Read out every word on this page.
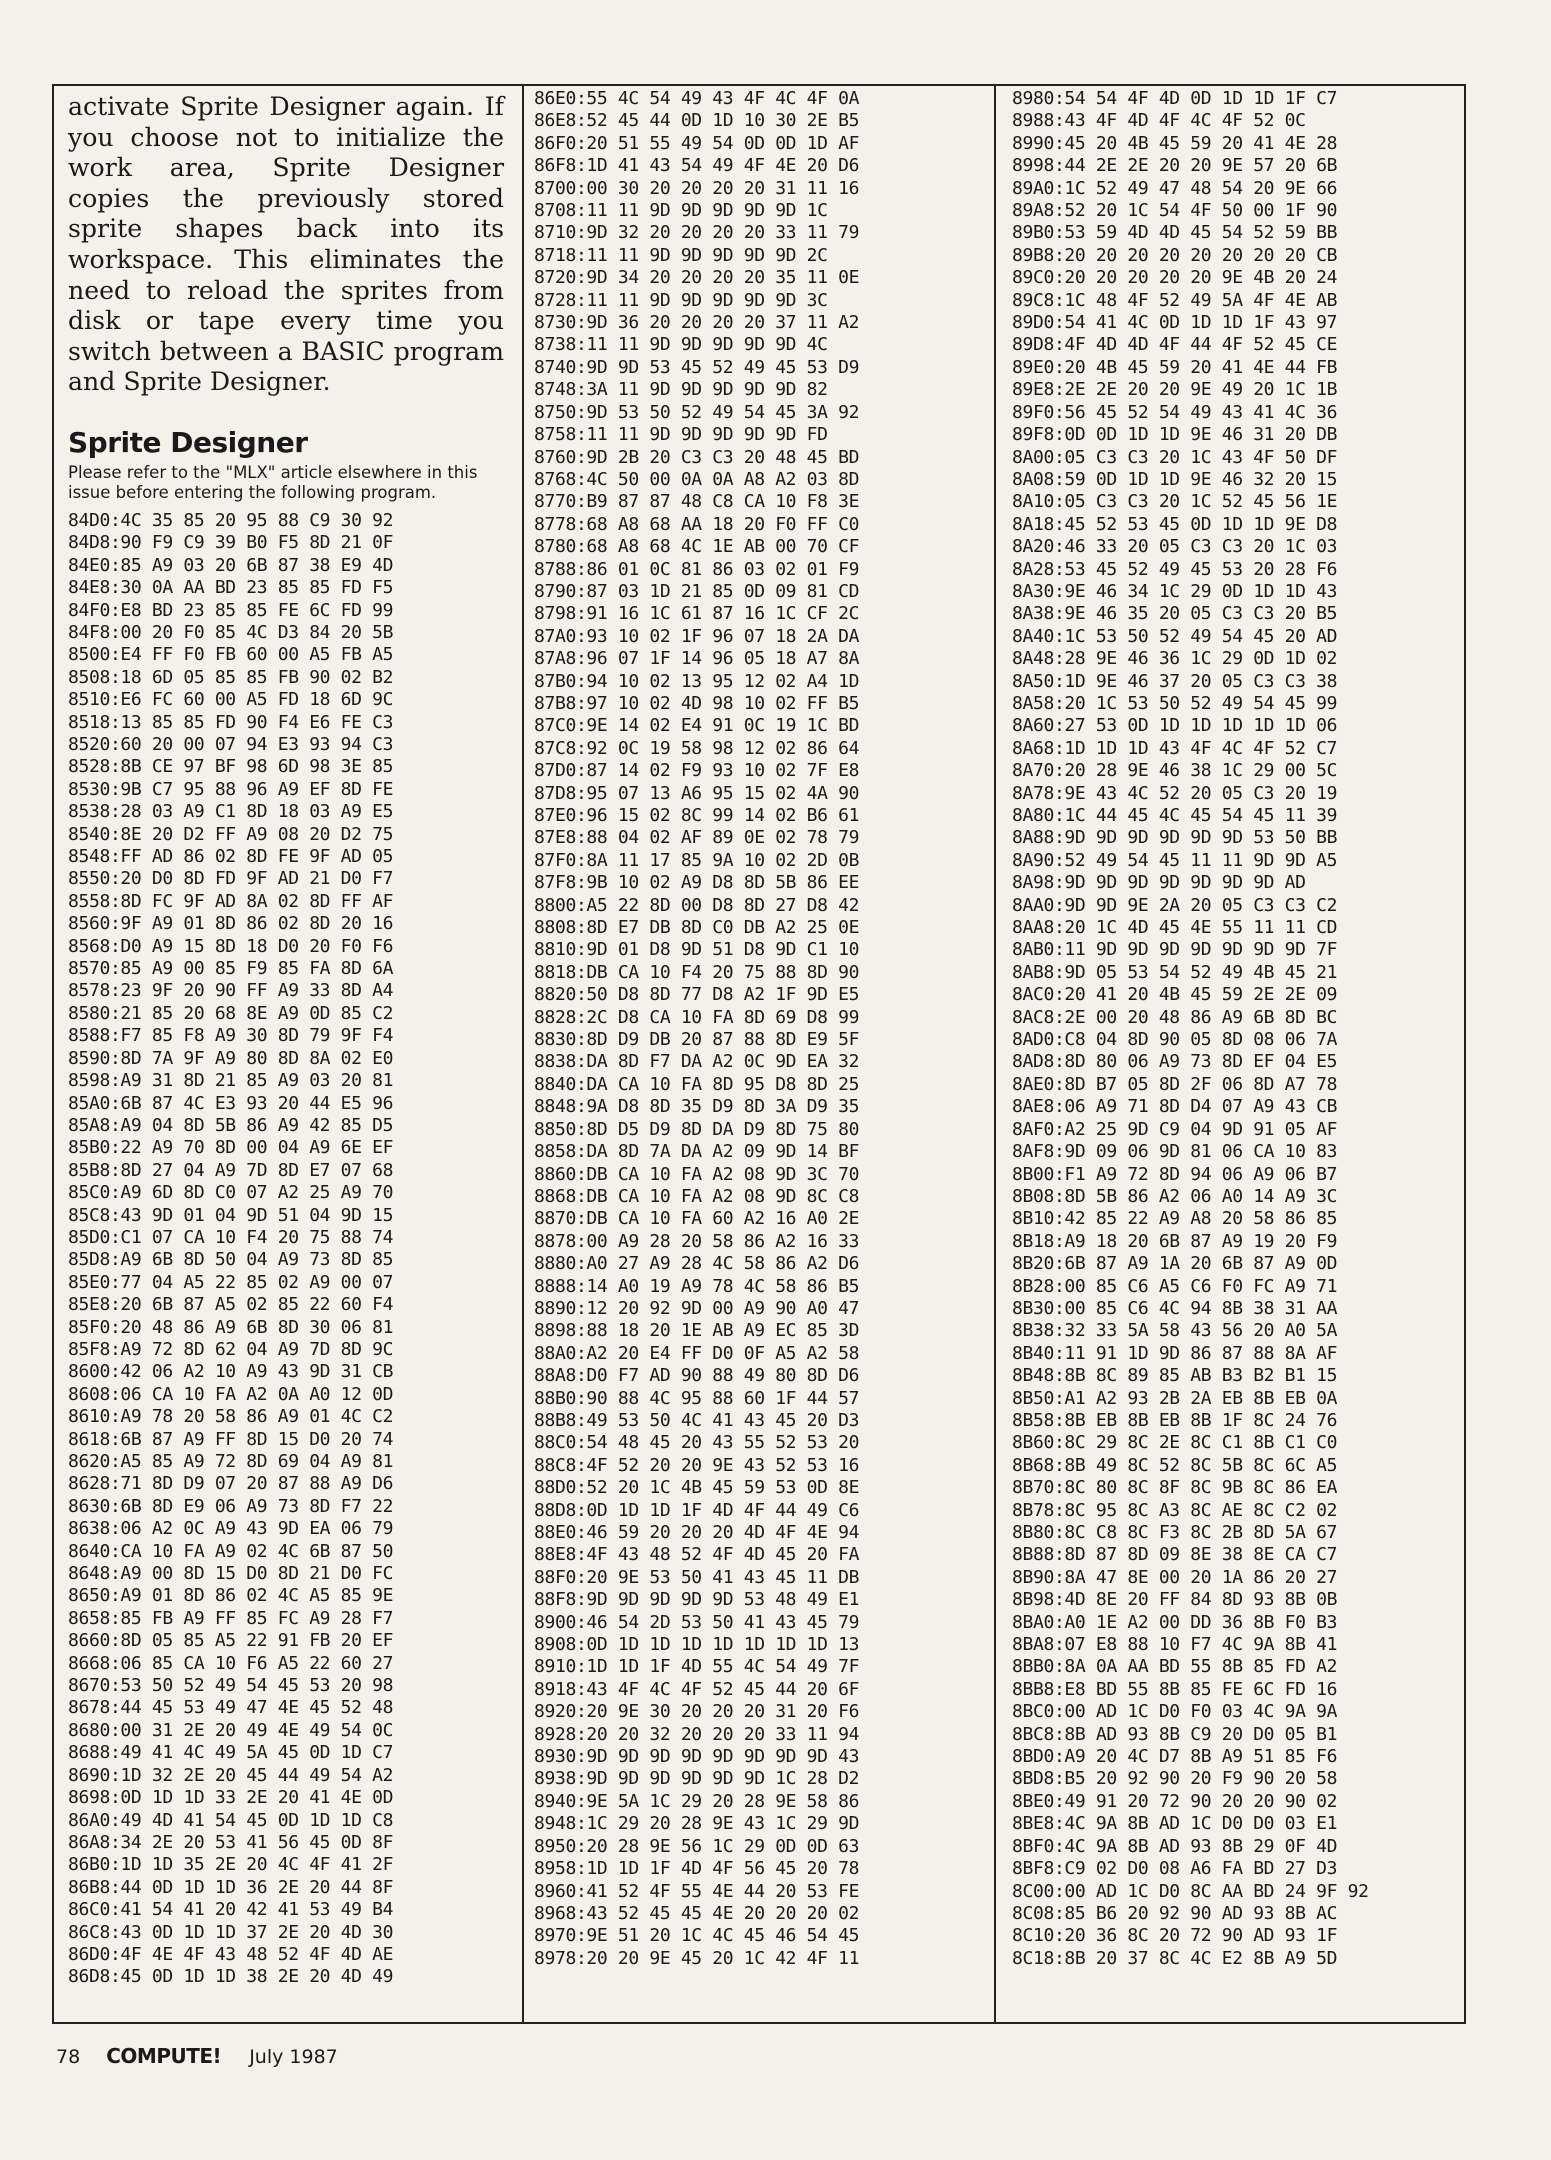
activate Sprite Designer again. If you choose not to initialize the work area, Sprite Designer copies the previously stored sprite shapes back into its workspace. This eliminates the need to reload the sprites from disk or tape every time you switch between a BASIC program and Sprite Designer.

Sprite Designer

Please refer to the "MLX" article elsewhere in this issue before entering the following program.

84D0:4C 35 85 20 95 88 C9 30 92
84D8:90 F9 C9 39 B0 F5 8D 21 0F
84E0:85 A9 03 20 6B 87 38 E9 4D
84E8:30 0A AA BD 23 85 85 FD F5
84F0:E8 BD 23 85 85 FE 6C FD 99
84F8:00 20 F0 85 4C D3 84 20 5B
8500:E4 FF F0 FB 60 00 A5 FB A5
8508:18 6D 05 85 85 FB 90 02 B2
8510:E6 FC 60 00 A5 FD 18 6D 9C
8518:13 85 85 FD 90 F4 E6 FE C3
8520:60 20 00 07 94 E3 93 94 C3
8528:8B CE 97 BF 98 6D 98 3E 85
8530:9B C7 95 88 96 A9 EF 8D FE
8538:28 03 A9 C1 8D 18 03 A9 E5
8540:8E 20 D2 FF A9 08 20 D2 75
8548:FF AD 86 02 8D FE 9F AD 05
8550:20 D0 8D FD 9F AD 21 D0 F7
8558:8D FC 9F AD 8A 02 8D FF AF
8560:9F A9 01 8D 86 02 8D 20 16
8568:D0 A9 15 8D 18 D0 20 F0 F6
8570:85 A9 00 85 F9 85 FA 8D 6A
8578:23 9F 20 90 FF A9 33 8D A4
8580:21 85 20 68 8E A9 0D 85 C2
8588:F7 85 F8 A9 30 8D 79 9F F4
8590:8D 7A 9F A9 80 8D 8A 02 E0
8598:A9 31 8D 21 85 A9 03 20 81
85A0:6B 87 4C E3 93 20 44 E5 96
85A8:A9 04 8D 5B 86 A9 42 85 D5
85B0:22 A9 70 8D 00 04 A9 6E EF
85B8:8D 27 04 A9 7D 8D E7 07 68
85C0:A9 6D 8D C0 07 A2 25 A9 70
85C8:43 9D 01 04 9D 51 04 9D 15
85D0:C1 07 CA 10 F4 20 75 88 74
85D8:A9 6B 8D 50 04 A9 73 8D 85
85E0:77 04 A5 22 85 02 A9 00 07
85E8:20 6B 87 A5 02 85 22 60 F4
85F0:20 48 86 A9 6B 8D 30 06 81
85F8:A9 72 8D 62 04 A9 7D 8D 9C
8600:42 06 A2 10 A9 43 9D 31 CB
8608:06 CA 10 FA A2 0A A0 12 0D
8610:A9 78 20 58 86 A9 01 4C C2
8618:6B 87 A9 FF 8D 15 D0 20 74
8620:A5 85 A9 72 8D 69 04 A9 81
8628:71 8D D9 07 20 87 88 A9 D6
8630:6B 8D E9 06 A9 73 8D F7 22
8638:06 A2 0C A9 43 9D EA 06 79
8640:CA 10 FA A9 02 4C 6B 87 50
8648:A9 00 8D 15 D0 8D 21 D0 FC
8650:A9 01 8D 86 02 4C A5 85 9E
8658:85 FB A9 FF 85 FC A9 28 F7
8660:8D 05 85 A5 22 91 FB 20 EF
8668:06 85 CA 10 F6 A5 22 60 27
8670:53 50 52 49 54 45 53 20 98
8678:44 45 53 49 47 4E 45 52 48
8680:00 31 2E 20 49 4E 49 54 0C
8688:49 41 4C 49 5A 45 0D 1D C7
8690:1D 32 2E 20 45 44 49 54 A2
8698:0D 1D 1D 33 2E 20 41 4E 0D
86A0:49 4D 41 54 45 0D 1D 1D C8
86A8:34 2E 20 53 41 56 45 0D 8F
86B0:1D 1D 35 2E 20 4C 4F 41 2F
86B8:44 0D 1D 1D 36 2E 20 44 8F
86C0:41 54 41 20 42 41 53 49 B4
86C8:43 0D 1D 1D 37 2E 20 4D 30
86D0:4F 4E 4F 43 48 52 4F 4D AE
86D8:45 0D 1D 1D 38 2E 20 4D 49
86E0:55 4C 54 49 43 4F 4C 4F 0A
86E8:52 45 44 0D 1D 10 30 2E B5
86F0:20 51 55 49 54 0D 0D 1D AF
86F8:1D 41 43 54 49 4F 4E 20 D6
8700:00 30 20 20 20 20 31 11 16
8708:11 11 9D 9D 9D 9D 9D 1C
8710:9D 32 20 20 20 20 33 11 79
8718:11 11 9D 9D 9D 9D 9D 2C
8720:9D 34 20 20 20 20 35 11 0E
8728:11 11 9D 9D 9D 9D 9D 3C
8730:9D 36 20 20 20 20 37 11 A2
8738:11 11 9D 9D 9D 9D 9D 4C
8740:9D 9D 53 45 52 49 45 53 D9
8748:3A 11 9D 9D 9D 9D 9D 82
8750:9D 53 50 52 49 54 45 3A 92
8758:11 11 9D 9D 9D 9D 9D FD
8760:9D 2B 20 C3 C3 20 48 45 BD
8768:4C 50 00 0A 0A A8 A2 03 8D
8770:B9 87 87 48 C8 CA 10 F8 3E
8778:68 A8 68 AA 18 20 F0 FF C0
8780:68 A8 68 4C 1E AB 00 70 CF
8788:86 01 0C 81 86 03 02 01 F9
8790:87 03 1D 21 85 0D 09 81 CD
8798:91 16 1C 61 87 16 1C CF 2C
87A0:93 10 02 1F 96 07 18 2A DA
87A8:96 07 1F 14 96 05 18 A7 8A
87B0:94 10 02 13 95 12 02 A4 1D
87B8:97 10 02 4D 98 10 02 FF B5
87C0:9E 14 02 E4 91 0C 19 1C BD
87C8:92 0C 19 58 98 12 02 86 64
87D0:87 14 02 F9 93 10 02 7F E8
87D8:95 07 13 A6 95 15 02 4A 90
87E0:96 15 02 8C 99 14 02 B6 61
87E8:88 04 02 AF 89 0E 02 78 79
87F0:8A 11 17 85 9A 10 02 2D 0B
87F8:9B 10 02 A9 D8 8D 5B 86 EE
8800:A5 22 8D 00 D8 8D 27 D8 42
8808:8D E7 DB 8D C0 DB A2 25 0E
8810:9D 01 D8 9D 51 D8 9D C1 10
8818:DB CA 10 F4 20 75 88 8D 90
8820:50 D8 8D 77 D8 A2 1F 9D E5
8828:2C D8 CA 10 FA 8D 69 D8 99
8830:8D D9 DB 20 87 88 8D E9 5F
8838:DA 8D F7 DA A2 0C 9D EA 32
8840:DA CA 10 FA 8D 95 D8 8D 25
8848:9A D8 8D 35 D9 8D 3A D9 35
8850:8D D5 D9 8D DA D9 8D 75 80
8858:DA 8D 7A DA A2 09 9D 14 BF
8860:DB CA 10 FA A2 08 9D 3C 70
8868:DB CA 10 FA A2 08 9D 8C C8
8870:DB CA 10 FA 60 A2 16 A0 2E
8878:00 A9 28 20 58 86 A2 16 33
8880:A0 27 A9 28 4C 58 86 A2 D6
8888:14 A0 19 A9 78 4C 58 86 B5
8890:12 20 92 9D 00 A9 90 A0 47
8898:88 18 20 1E AB A9 EC 85 3D
88A0:A2 20 E4 FF D0 0F A5 A2 58
88A8:D0 F7 AD 90 88 49 80 8D D6
88B0:90 88 4C 95 88 60 1F 44 57
88B8:49 53 50 4C 41 43 45 20 D3
88C0:54 48 45 20 43 55 52 53 20
88C8:4F 52 20 20 9E 43 52 53 16
88D0:52 20 1C 4B 45 59 53 0D 8E
88D8:0D 1D 1D 1F 4D 4F 44 49 C6
88E0:46 59 20 20 20 4D 4F 4E 94
88E8:4F 43 48 52 4F 4D 45 20 FA
88F0:20 9E 53 50 41 43 45 11 DB
88F8:9D 9D 9D 9D 9D 53 48 49 E1
8900:46 54 2D 53 50 41 43 45 79
8908:0D 1D 1D 1D 1D 1D 1D 1D 13
8910:1D 1D 1F 4D 55 4C 54 49 7F
8918:43 4F 4C 4F 52 45 44 20 6F
8920:20 9E 30 20 20 20 31 20 F6
8928:20 20 32 20 20 20 33 11 94
8930:9D 9D 9D 9D 9D 9D 9D 9D 43
8938:9D 9D 9D 9D 9D 9D 1C 28 D2
8940:9E 5A 1C 29 20 28 9E 58 86
8948:1C 29 20 28 9E 43 1C 29 9D
8950:20 28 9E 56 1C 29 0D 0D 63
8958:1D 1D 1F 4D 4F 56 45 20 78
8960:41 52 4F 55 4E 44 20 53 FE
8968:43 52 45 45 4E 20 20 20 02
8970:9E 51 20 1C 4C 45 46 54 45
8978:20 20 9E 45 20 1C 42 4F 11
8980:54 54 4F 4D 0D 1D 1D 1F C7
8988:43 4F 4D 4F 4C 4F 52 0C
8990:45 20 4B 45 59 20 41 4E 28
8998:44 2E 2E 20 20 9E 57 20 6B
89A0:1C 52 49 47 48 54 20 9E 66
89A8:52 20 1C 54 4F 50 00 1F 90
89B0:53 59 4D 4D 45 54 52 59 BB
89B8:20 20 20 20 20 20 20 20 CB
89C0:20 20 20 20 20 9E 4B 20 24
89C8:1C 48 4F 52 49 5A 4F 4E AB
89D0:54 41 4C 0D 1D 1D 1F 43 97
89D8:4F 4D 4D 4F 44 4F 52 45 CE
89E0:20 4B 45 59 20 41 4E 44 FB
89E8:2E 2E 20 20 9E 49 20 1C 1B
89F0:56 45 52 54 49 43 41 4C 36
89F8:0D 0D 1D 1D 9E 46 31 20 DB
8A00:05 C3 C3 20 1C 43 4F 50 DF
8A08:59 0D 1D 1D 9E 46 32 20 15
8A10:05 C3 C3 20 1C 52 45 56 1E
8A18:45 52 53 45 0D 1D 1D 9E D8
8A20:46 33 20 05 C3 C3 20 1C 03
8A28:53 45 52 49 45 53 20 28 F6
8A30:9E 46 34 1C 29 0D 1D 1D 43
8A38:9E 46 35 20 05 C3 C3 20 B5
8A40:1C 53 50 52 49 54 45 20 AD
8A48:28 9E 46 36 1C 29 0D 1D 02
8A50:1D 9E 46 37 20 05 C3 C3 38
8A58:20 1C 53 50 52 49 54 45 99
8A60:27 53 0D 1D 1D 1D 1D 1D 06
8A68:1D 1D 1D 43 4F 4C 4F 52 C7
8A70:20 28 9E 46 38 1C 29 00 5C
8A78:9E 43 4C 52 20 05 C3 20 19
8A80:1C 44 45 4C 45 54 45 11 39
8A88:9D 9D 9D 9D 9D 9D 53 50 BB
8A90:52 49 54 45 11 11 9D 9D A5
8A98:9D 9D 9D 9D 9D 9D 9D AD
8AA0:9D 9D 9E 2A 20 05 C3 C3 C2
8AA8:20 1C 4D 45 4E 55 11 11 CD
8AB0:11 9D 9D 9D 9D 9D 9D 9D 7F
8AB8:9D 05 53 54 52 49 4B 45 21
8AC0:20 41 20 4B 45 59 2E 2E 09
8AC8:2E 00 20 48 86 A9 6B 8D BC
8AD0:C8 04 8D 90 05 8D 08 06 7A
8AD8:8D 80 06 A9 73 8D EF 04 E5
8AE0:8D B7 05 8D 2F 06 8D A7 78
8AE8:06 A9 71 8D D4 07 A9 43 CB
8AF0:A2 25 9D C9 04 9D 91 05 AF
8AF8:9D 09 06 9D 81 06 CA 10 83
8B00:F1 A9 72 8D 94 06 A9 06 B7
8B08:8D 5B 86 A2 06 A0 14 A9 3C
8B10:42 85 22 A9 A8 20 58 86 85
8B18:A9 18 20 6B 87 A9 19 20 F9
8B20:6B 87 A9 1A 20 6B 87 A9 0D
8B28:00 85 C6 A5 C6 F0 FC A9 71
8B30:00 85 C6 4C 94 8B 38 31 AA
8B38:32 33 5A 58 43 56 20 A0 5A
8B40:11 91 1D 9D 86 87 88 8A AF
8B48:8B 8C 89 85 AB B3 B2 B1 15
8B50:A1 A2 93 2B 2A EB 8B EB 0A
8B58:8B EB 8B EB 8B 1F 8C 24 76
8B60:8C 29 8C 2E 8C C1 8B C1 C0
8B68:8B 49 8C 52 8C 5B 8C 6C A5
8B70:8C 80 8C 8F 8C 9B 8C 86 EA
8B78:8C 95 8C A3 8C AE 8C C2 02
8B80:8C C8 8C F3 8C 2B 8D 5A 67
8B88:8D 87 8D 09 8E 38 8E CA C7
8B90:8A 47 8E 00 20 1A 86 20 27
8B98:4D 8E 20 FF 84 8D 93 8B 0B
8BA0:A0 1E A2 00 DD 36 8B F0 B3
8BA8:07 E8 88 10 F7 4C 9A 8B 41
8BB0:8A 0A AA BD 55 8B 85 FD A2
8BB8:E8 BD 55 8B 85 FE 6C FD 16
8BC0:00 AD 1C D0 F0 03 4C 9A 9A
8BC8:8B AD 93 8B C9 20 D0 05 B1
8BD0:A9 20 4C D7 8B A9 51 85 F6
8BD8:B5 20 92 90 20 F9 90 20 58
8BE0:49 91 20 72 90 20 20 90 02
8BE8:4C 9A 8B AD 1C D0 D0 03 E1
8BF0:4C 9A 8B AD 93 8B 29 0F 4D
8BF8:C9 02 D0 08 A6 FA BD 27 D3
8C00:00 AD 1C D0 8C AA BD 24 9F 92
8C08:85 B6 20 92 90 AD 93 8B AC
8C10:20 36 8C 20 72 90 AD 93 1F
8C18:8B 20 37 8C 4C E2 8B A9 5D
78 COMPUTE! July 1987
